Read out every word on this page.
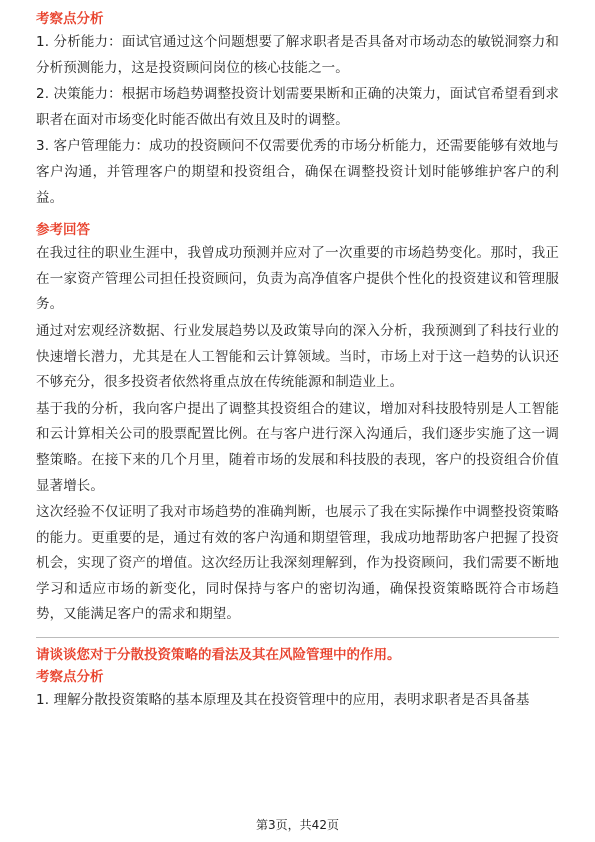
考察点分析

1. 分析能力：面试官通过这个问题想要了解求职者是否具备对市场动态的敏锐洞察力和分析预测能力，这是投资顾问岗位的核心技能之一。

2. 决策能力：根据市场趋势调整投资计划需要果断和正确的决策力，面试官希望看到求职者在面对市场变化时能否做出有效且及时的调整。

3. 客户管理能力：成功的投资顾问不仅需要优秀的市场分析能力，还需要能够有效地与客户沟通，并管理客户的期望和投资组合，确保在调整投资计划时能够维护客户的利益。

参考回答

在我过往的职业生涯中，我曾成功预测并应对了一次重要的市场趋势变化。那时，我正在一家资产管理公司担任投资顾问，负责为高净值客户提供个性化的投资建议和管理服务。

通过对宏观经济数据、行业发展趋势以及政策导向的深入分析，我预测到了科技行业的快速增长潜力，尤其是在人工智能和云计算领域。当时，市场上对于这一趋势的认识还不够充分，很多投资者依然将重点放在传统能源和制造业上。

基于我的分析，我向客户提出了调整其投资组合的建议，增加对科技股特别是人工智能和云计算相关公司的股票配置比例。在与客户进行深入沟通后，我们逐步实施了这一调整策略。在接下来的几个月里，随着市场的发展和科技股的表现，客户的投资组合价值显著增长。

这次经验不仅证明了我对市场趋势的准确判断，也展示了我在实际操作中调整投资策略的能力。更重要的是，通过有效的客户沟通和期望管理，我成功地帮助客户把握了投资机会，实现了资产的增值。这次经历让我深刻理解到，作为投资顾问，我们需要不断地学习和适应市场的新变化，同时保持与客户的密切沟通，确保投资策略既符合市场趋势，又能满足客户的需求和期望。

请谈谈您对于分散投资策略的看法及其在风险管理中的作用。

考察点分析

1. 理解分散投资策略的基本原理及其在投资管理中的应用，表明求职者是否具备基

第3页，共42页
